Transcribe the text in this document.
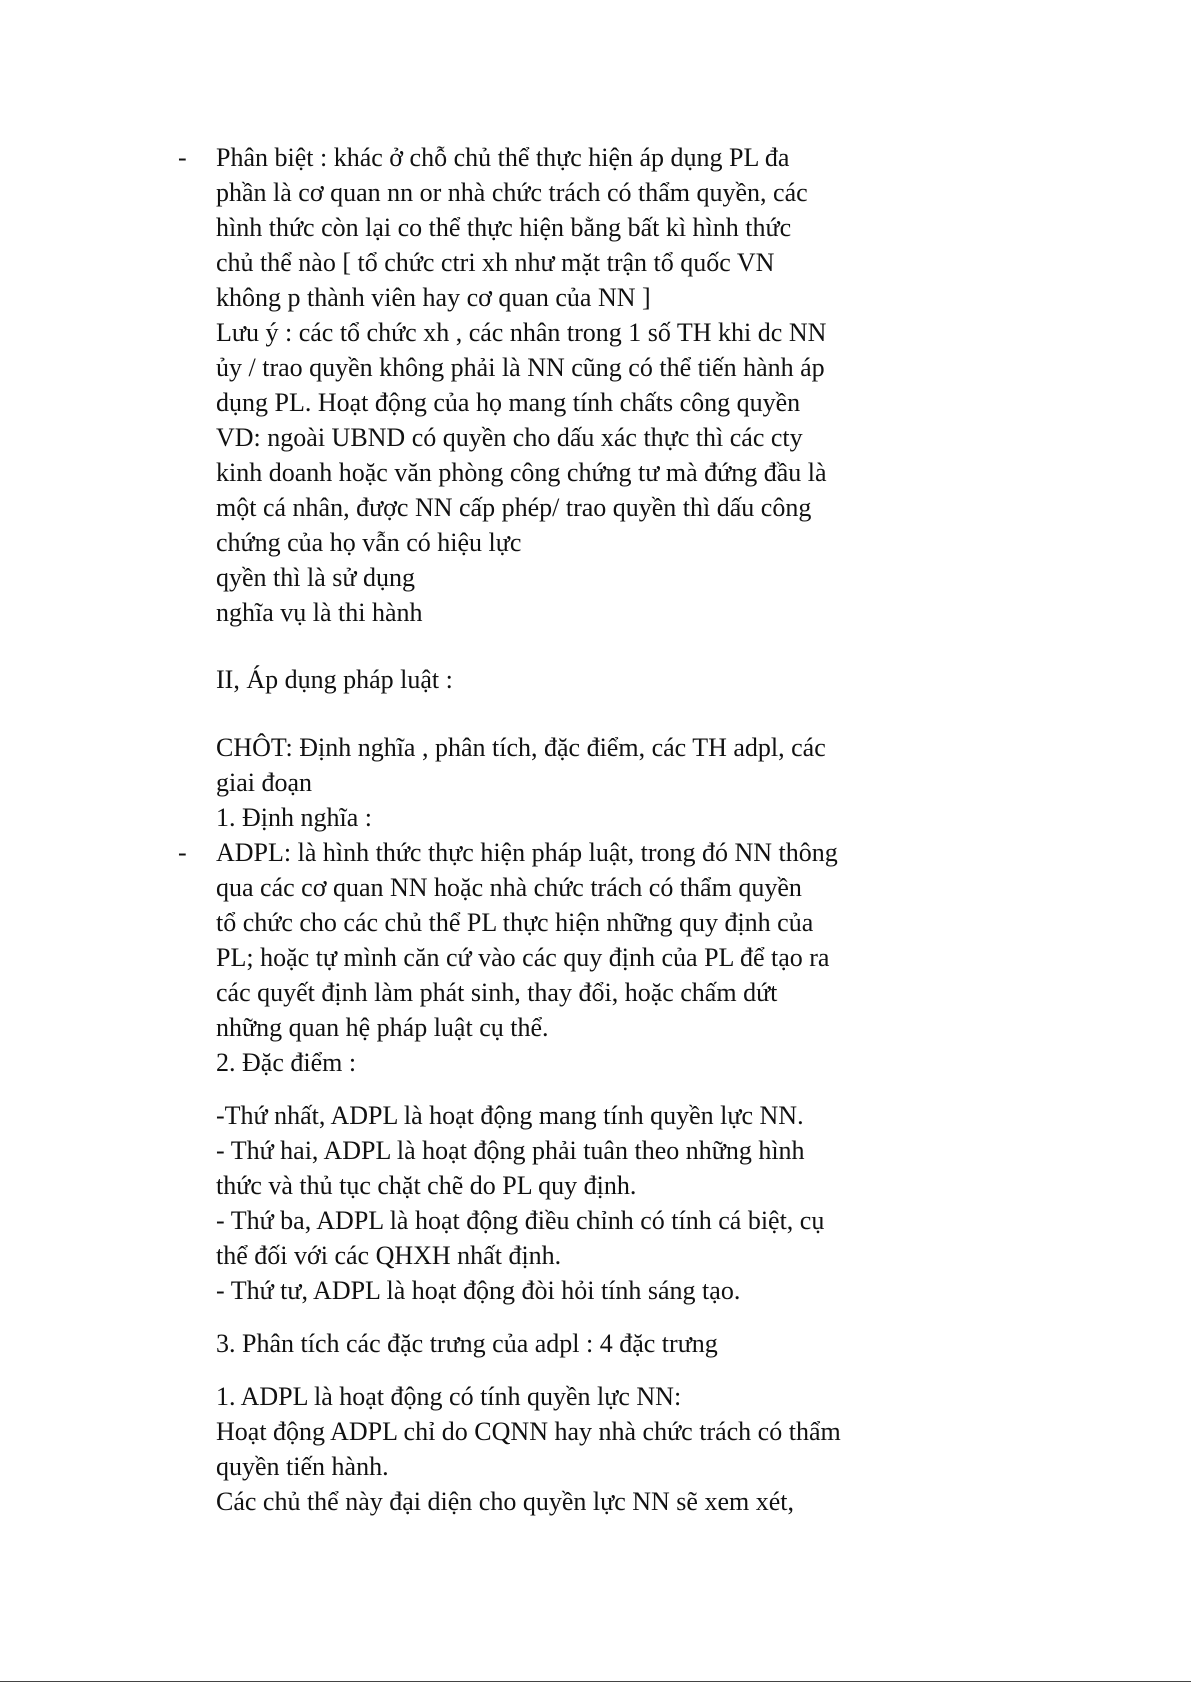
- Phân biệt : khác ở chỗ chủ thể thực hiện áp dụng PL đa
phần là cơ quan nn or nhà chức trách có thẩm quyền, các
hình thức còn lại co thể thực hiện bằng bất kì hình thức
chủ thể nào [ tổ chức ctri xh như mặt trận tổ quốc VN
không p thành viên hay cơ quan của NN ]
Lưu ý : các tổ chức xh , các nhân trong 1 số TH khi dc NN
ủy / trao quyền không phải là NN cũng có thể tiến hành áp
dụng PL. Hoạt động của họ mang tính chấts công quyền
VD: ngoài UBND có quyền cho dấu xác thực thì các cty
kinh doanh hoặc văn phòng công chứng tư mà đứng đầu là
một cá nhân, được NN cấp phép/ trao quyền thì dấu công
chứng của họ vẫn có hiệu lực
qyền thì là sử dụng
nghĩa vụ là thi hành
II, Áp dụng pháp luật :
CHÔT: Định nghĩa , phân tích, đặc điểm, các TH adpl, các
giai đoạn
1. Định nghĩa :
- ADPL: là hình thức thực hiện pháp luật, trong đó NN thông
qua các cơ quan NN hoặc nhà chức trách có thẩm quyền
tổ chức cho các chủ thể PL thực hiện những quy định của
PL; hoặc tự mình căn cứ vào các quy định của PL để tạo ra
các quyết định làm phát sinh, thay đổi, hoặc chấm dứt
những quan hệ pháp luật cụ thể.
2. Đặc điểm :
-Thứ nhất, ADPL là hoạt động mang tính quyền lực NN.
- Thứ hai, ADPL là hoạt động phải tuân theo những hình
thức và thủ tục chặt chẽ do PL quy định.
- Thứ ba, ADPL là hoạt động điều chỉnh có tính cá biệt, cụ
thể đối với các QHXH nhất định.
- Thứ tư, ADPL là hoạt động đòi hỏi tính sáng tạo.
3. Phân tích các đặc trưng của adpl : 4 đặc trưng
1. ADPL là hoạt động có tính quyền lực NN:
Hoạt động ADPL chỉ do CQNN hay nhà chức trách có thẩm
quyền tiến hành.
Các chủ thể này đại diện cho quyền lực NN sẽ xem xét,
